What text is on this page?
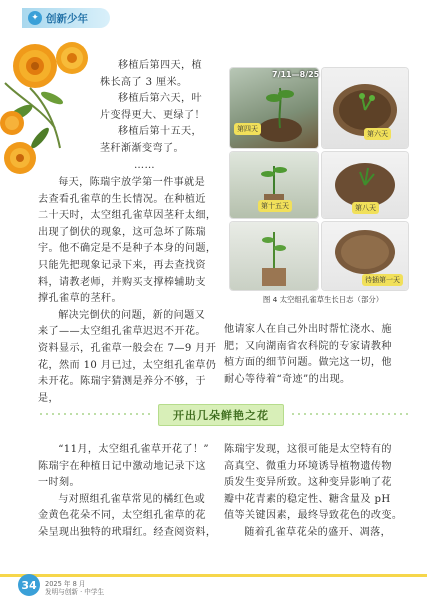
✦ 创新少年
移植后第四天，植
株长高了 3 厘米。
移植后第六天，叶
片变得更大、更绿了！
移植后第十五天，
茎秆渐渐变弯了。
……
每天，陈瑞宇放学第一件事就是
去查看孔雀草的生长情况。在种植近
二十天时，太空组孔雀草因茎秆太细，
出现了倒伏的现象，这可急坏了陈瑞
宇。他不确定是不是种子本身的问题，
只能先把现象记录下来，再去查找资
料，请教老师，并购买支撑棒辅助支
撑孔雀草的茎秆。
解决完倒伏的问题，新的问题又
来了——太空组孔雀草迟迟不开花。
资料显示，孔雀草一般会在 7—9 月开
花，然而 10 月已过，太空组孔雀草仍
未开花。陈瑞宇猜测是养分不够，于是，
第四天
第六天
7/11—8/25
第十五天	第八天
待插第一天
图 4 太空组孔雀草生长日志（部分）
他请家人在自己外出时帮忙浇水、施
肥；又向湖南省农科院的专家请教种
植方面的细节问题。做完这一切，他
耐心等待着“奇迹”的出现。
开出几朵鲜艳之花
“11月，太空组孔雀草开花了！”
陈瑞宇在种植日记中激动地记录下这
一时刻。
与对照组孔雀草常见的橘红色或
金黄色花朵不同，太空组孔雀草的花
朵呈现出独特的玳瑁红。经查阅资料，
陈瑞宇发现，这很可能是太空特有的
高真空、微重力环境诱导植物遗传物
质发生变异所致。这种变异影响了花
瓣中花青素的稳定性、糖含量及 pH
值等关键因素，最终导致花色的改变。
随着孔雀草花朵的盛开、凋落，
34	2025 年 8 月
发明与创新 · 中学生
